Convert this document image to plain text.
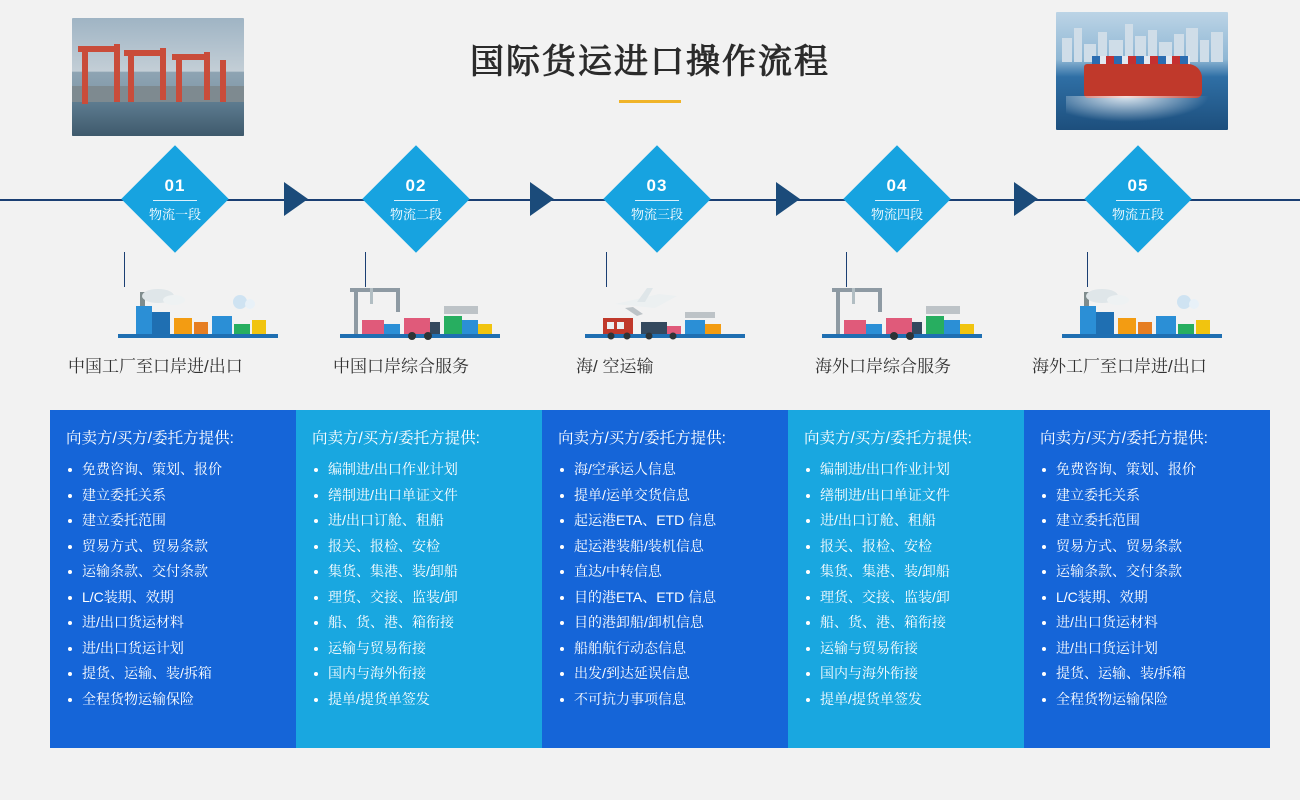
国际货运进口操作流程
01
物流一段
中国工厂至口岸进/出口
向卖方/买方/委托方提供:
免费咨询、策划、报价
建立委托关系
建立委托范围
贸易方式、贸易条款
运输条款、交付条款
L/C装期、效期
进/出口货运材料
进/出口货运计划
提货、运输、装/拆箱
全程货物运输保险
02
物流二段
中国口岸综合服务
向卖方/买方/委托方提供:
编制进/出口作业计划
缮制进/出口单证文件
进/出口订舱、租船
报关、报检、安检
集货、集港、装/卸船
理货、交接、监装/卸
船、货、港、箱衔接
运输与贸易衔接
国内与海外衔接
提单/提货单签发
03
物流三段
海/ 空运输
向卖方/买方/委托方提供:
海/空承运人信息
提单/运单交货信息
起运港ETA、ETD 信息
起运港装船/装机信息
直达/中转信息
目的港ETA、ETD 信息
目的港卸船/卸机信息
船舶航行动态信息
出发/到达延误信息
不可抗力事项信息
04
物流四段
海外口岸综合服务
向卖方/买方/委托方提供:
编制进/出口作业计划
缮制进/出口单证文件
进/出口订舱、租船
报关、报检、安检
集货、集港、装/卸船
理货、交接、监装/卸
船、货、港、箱衔接
运输与贸易衔接
国内与海外衔接
提单/提货单签发
05
物流五段
海外工厂至口岸进/出口
向卖方/买方/委托方提供:
免费咨询、策划、报价
建立委托关系
建立委托范围
贸易方式、贸易条款
运输条款、交付条款
L/C装期、效期
进/出口货运材料
进/出口货运计划
提货、运输、装/拆箱
全程货物运输保险
